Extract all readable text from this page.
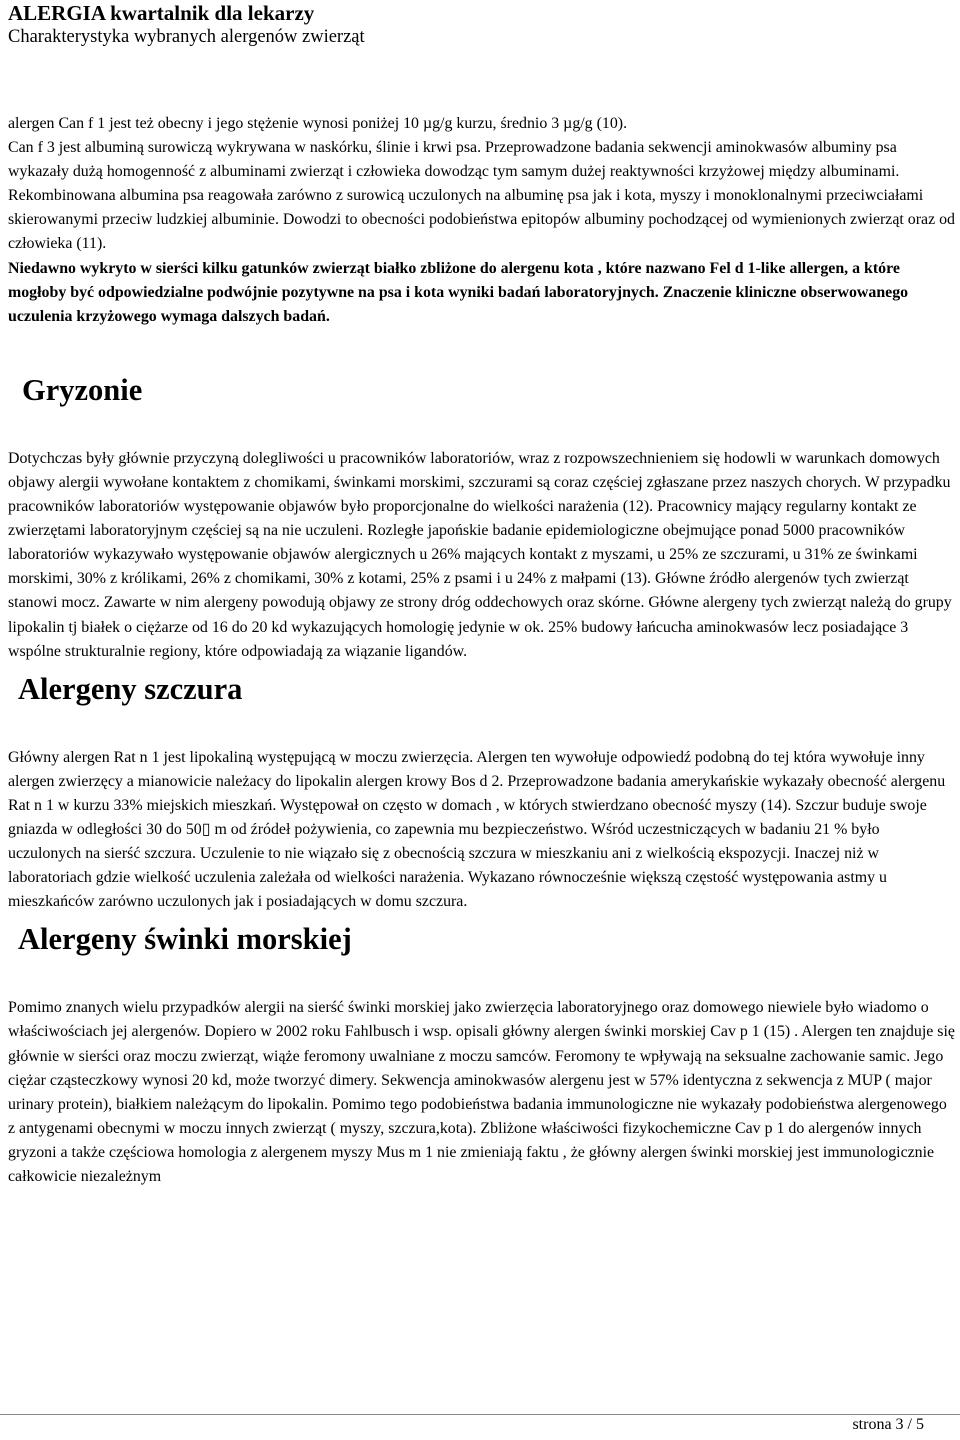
ALERGIA kwartalnik dla lekarzy
Charakterystyka wybranych alergenów zwierząt

alergen Can f 1 jest też obecny i jego stężenie wynosi poniżej 10 µg/g kurzu, średnio 3 µg/g (10).

Can f 3 jest albuminą surowiczą wykrywana w naskórku, ślinie i krwi psa. Przeprowadzone badania sekwencji aminokwasów albuminy psa wykazały dużą homogenność z albuminami zwierząt i człowieka dowodząc tym samym dużej reaktywności krzyżowej między albuminami. Rekombinowana albumina psa reagowała zarówno z surowicą uczulonych na albuminę psa jak i kota, myszy i monoklonalnymi przeciwciałami skierowanymi przeciw ludzkiej albuminie. Dowodzi to obecności podobieństwa epitopów albuminy pochodzącej od wymienionych zwierząt oraz od człowieka (11).

Niedawno wykryto w sierści kilku gatunków zwierząt białko zbliżone do alergenu kota , które nazwano Fel d 1-like allergen, a które mogłoby być odpowiedzialne podwójnie pozytywne na psa i kota wyniki badań laboratoryjnych. Znaczenie kliniczne obserwowanego uczulenia krzyżowego wymaga dalszych badań.

Gryzonie

Dotychczas były głównie przyczyną dolegliwości u pracowników laboratoriów, wraz z rozpowszechnieniem się hodowli w warunkach domowych objawy alergii wywołane kontaktem z chomikami, świnkami morskimi, szczurami są coraz częściej zgłaszane przez naszych chorych. W przypadku pracowników laboratoriów występowanie objawów było proporcjonalne do wielkości narażenia (12). Pracownicy mający regularny kontakt ze zwierzętami laboratoryjnym częściej są na nie uczuleni. Rozległe japońskie badanie epidemiologiczne obejmujące ponad 5000 pracowników laboratoriów wykazywało występowanie objawów alergicznych u 26% mających kontakt z myszami, u 25% ze szczurami, u 31% ze świnkami morskimi, 30% z królikami, 26% z chomikami, 30% z kotami, 25% z psami i u 24% z małpami (13). Główne źródło alergenów tych zwierząt stanowi mocz. Zawarte w nim alergeny powodują objawy ze strony dróg oddechowych oraz skórne. Główne alergeny tych zwierząt należą do grupy lipokalin tj białek o ciężarze od 16 do 20 kd wykazujących homologię jedynie w ok. 25% budowy łańcucha aminokwasów lecz posiadające 3 wspólne strukturalnie regiony, które odpowiadają za wiązanie ligandów.

Alergeny szczura

Główny alergen Rat n 1 jest lipokaliną występującą w moczu zwierzęcia. Alergen ten wywołuje odpowiedź podobną do tej która wywołuje inny alergen zwierzęcy a mianowicie należacy do lipokalin alergen krowy Bos d 2. Przeprowadzone badania amerykańskie wykazały obecność alergenu Rat n 1 w kurzu 33% miejskich mieszkań. Występował on często w domach , w których stwierdzano obecność myszy (14). Szczur buduje swoje gniazda w odległości 30 do 50▯ m od źródeł pożywienia, co zapewnia mu bezpieczeństwo. Wśród uczestniczących w badaniu 21 % było uczulonych na sierść szczura. Uczulenie to nie wiązało się z obecnością szczura w mieszkaniu ani z wielkością ekspozycji. Inaczej niż w laboratoriach gdzie wielkość uczulenia zależała od wielkości narażenia. Wykazano równocześnie większą częstość występowania astmy u mieszkańców zarówno uczulonych jak i posiadających w domu szczura.

Alergeny świnki morskiej

Pomimo znanych wielu przypadków alergii na sierść świnki morskiej jako zwierzęcia laboratoryjnego oraz domowego niewiele było wiadomo o właściwościach jej alergenów. Dopiero w 2002 roku Fahlbusch i wsp. opisali główny alergen świnki morskiej Cav p 1 (15) . Alergen ten znajduje się głównie w sierści oraz moczu zwierząt, wiąże feromony uwalniane z moczu samców. Feromony te wpływają na seksualne zachowanie samic. Jego ciężar cząsteczkowy wynosi 20 kd, może tworzyć dimery. Sekwencja aminokwasów alergenu jest w 57% identyczna z sekwencja z MUP ( major urinary protein), białkiem należącym do lipokalin. Pomimo tego podobieństwa badania immunologiczne nie wykazały podobieństwa alergenowego z antygenami obecnymi w moczu innych zwierząt ( myszy, szczura,kota). Zbliżone właściwości fizykochemiczne Cav p 1 do alergenów innych gryzoni a także częściowa homologia z alergenem myszy Mus m 1 nie zmieniają faktu , że główny alergen świnki morskiej jest immunologicznie całkowicie niezależnym

strona 3 / 5
